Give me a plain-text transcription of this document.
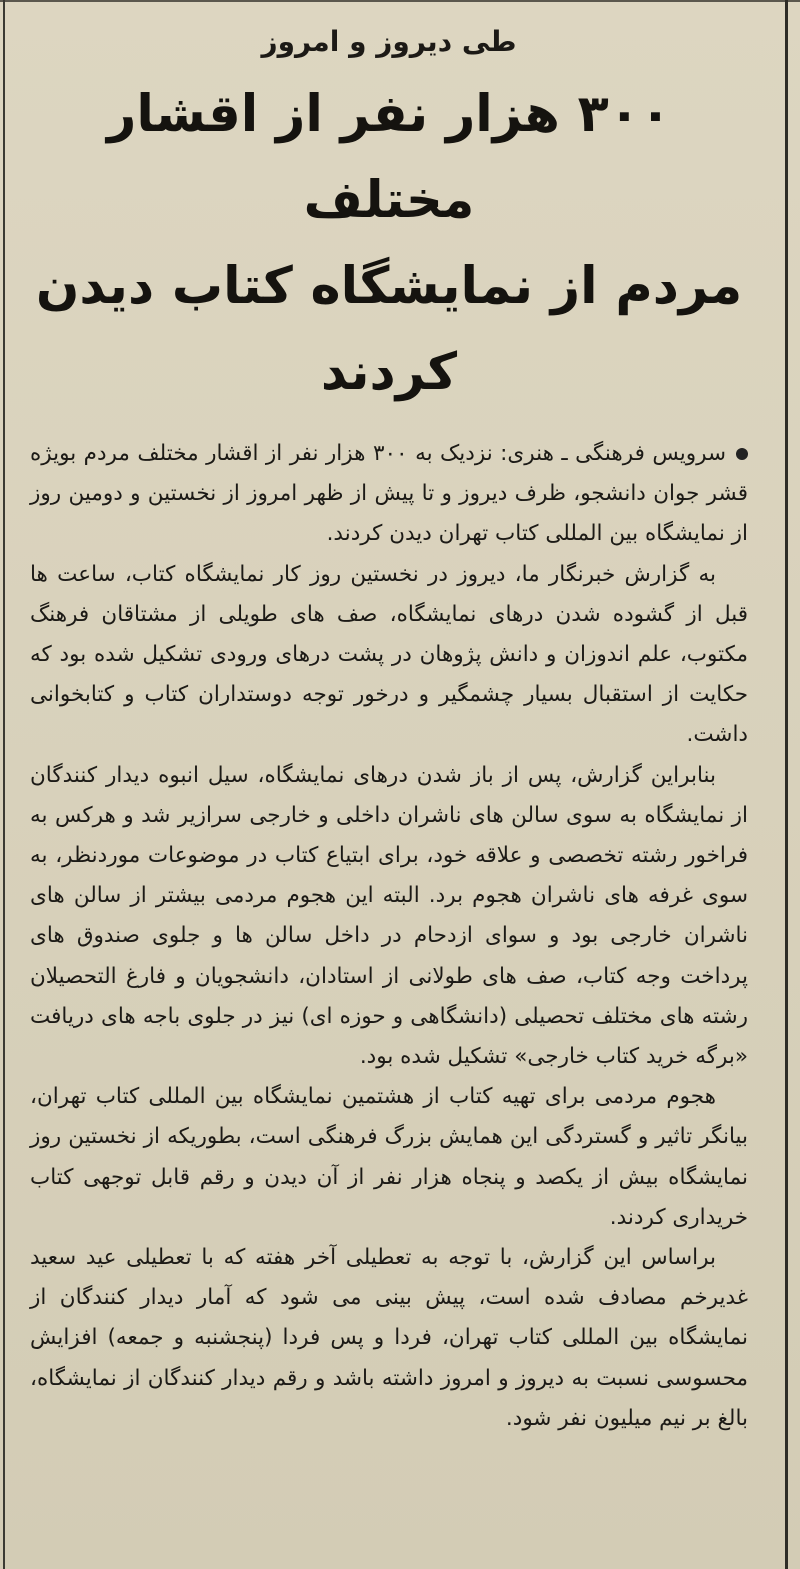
طی دیروز و امروز
۳۰۰ هزار نفر از اقشار مختلف
مردم از نمایشگاه کتاب دیدن
کردند

سرویس فرهنگی ـ هنری: نزدیک به ۳۰۰ هزار نفر از اقشار مختلف مردم بویژه قشر جوان دانشجو، ظرف دیروز و تا پیش از ظهر امروز از نخستین و دومین روز از نمایشگاه بین المللی کتاب تهران دیدن کردند.

به گزارش خبرنگار ما، دیروز در نخستین روز کار نمایشگاه کتاب، ساعت ها قبل از گشوده شدن درهای نمایشگاه، صف های طویلی از مشتاقان فرهنگ مکتوب، علم اندوزان و دانش پژوهان در پشت درهای ورودی تشکیل شده بود که حکایت از استقبال بسیار چشمگیر و درخور توجه دوستداران کتاب و کتابخوانی داشت.

بنابراین گزارش، پس از باز شدن درهای نمایشگاه، سیل انبوه دیدار کنندگان از نمایشگاه به سوی سالن های ناشران داخلی و خارجی سرازیر شد و هرکس به فراخور رشته تخصصی و علاقه خود، برای ابتیاع کتاب در موضوعات موردنظر، به سوی غرفه های ناشران هجوم برد. البته این هجوم مردمی بیشتر از سالن های ناشران خارجی بود و سوای ازدحام در داخل سالن ها و جلوی صندوق های پرداخت وجه کتاب، صف های طولانی از استادان، دانشجویان و فارغ التحصیلان رشته های مختلف تحصیلی (دانشگاهی و حوزه ای) نیز در جلوی باجه های دریافت «برگه خرید کتاب خارجی» تشکیل شده بود.

هجوم مردمی برای تهیه کتاب از هشتمین نمایشگاه بین المللی کتاب تهران، بیانگر تاثیر و گستردگی این همایش بزرگ فرهنگی است، بطوریکه از نخستین روز نمایشگاه بیش از یکصد و پنجاه هزار نفر از آن دیدن و رقم قابل توجهی کتاب خریداری کردند.

براساس این گزارش، با توجه به تعطیلی آخر هفته که با تعطیلی عید سعید غدیرخم مصادف شده است، پیش بینی می شود که آمار دیدار کنندگان از نمایشگاه بین المللی کتاب تهران، فردا و پس فردا (پنجشنبه و جمعه) افزایش محسوسی نسبت به دیروز و امروز داشته باشد و رقم دیدار کنندگان از نمایشگاه، بالغ بر نیم میلیون نفر شود.
